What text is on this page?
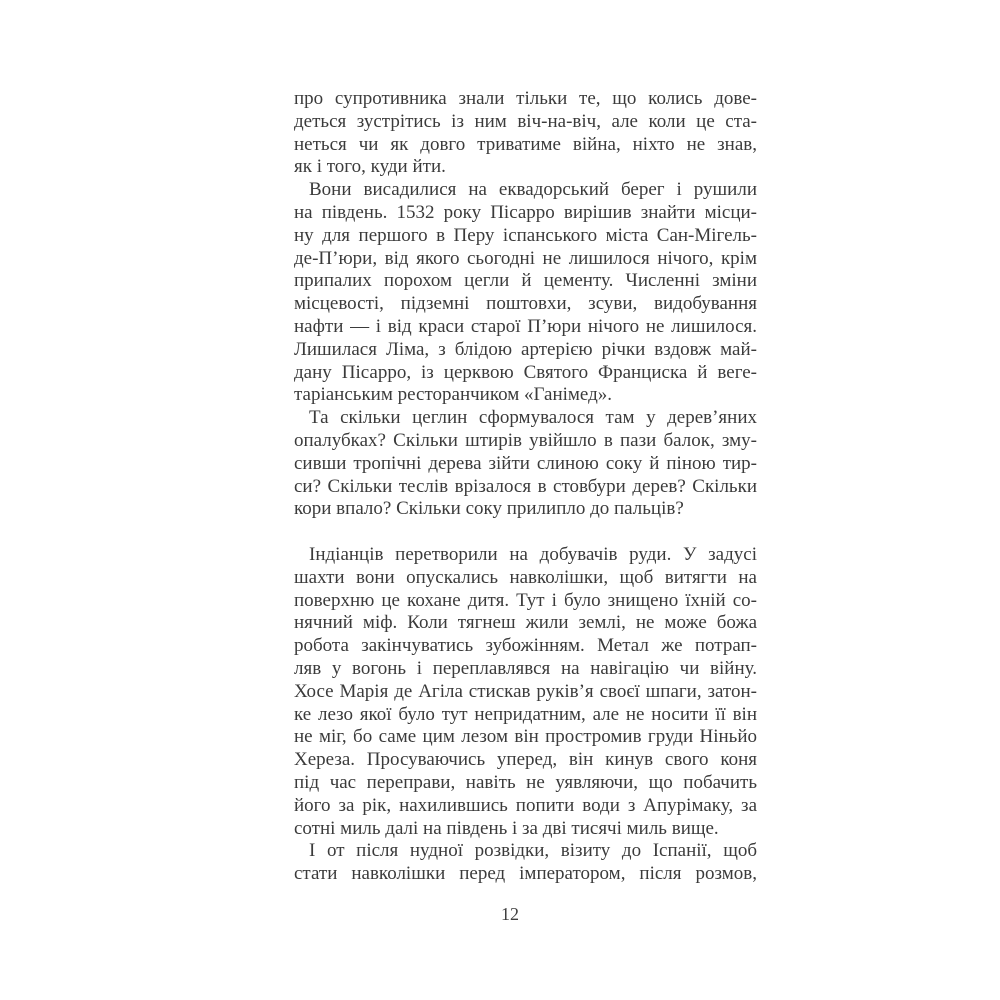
про супротивника знали тільки те, що колись дове-
деться зустрітись із ним віч-на-віч, але коли це ста-
неться чи як довго триватиме війна, ніхто не знав,
як і того, куди йти.
Вони висадилися на еквадорський берег і рушили
на південь. 1532 року Пісарро вирішив знайти місци-
ну для першого в Перу іспанського міста Сан-Мігель-
де-П’юри, від якого сьогодні не лишилося нічого, крім
припалих порохом цегли й цементу. Численні зміни
місцевості, підземні поштовхи, зсуви, видобування
нафти — і від краси старої П’юри нічого не лишилося.
Лишилася Ліма, з блідою артерією річки вздовж май-
дану Пісарро, із церквою Святого Франциска й веге-
таріанським ресторанчиком «Ганімед».
Та скільки цеглин сформувалося там у дерев’яних
опалубках? Скільки штирів увійшло в пази балок, зму-
сивши тропічні дерева зійти слиною соку й піною тир-
си? Скільки теслів врізалося в стовбури дерев? Скільки
кори впало? Скільки соку прилипло до пальців?
Індіанців перетворили на добувачів руди. У задусі
шахти вони опускались навколішки, щоб витягти на
поверхню це кохане дитя. Тут і було знищено їхній со-
нячний міф. Коли тягнеш жили землі, не може божа
робота закінчуватись зубожінням. Метал же потрап-
ляв у вогонь і переплавлявся на навігацію чи війну.
Хосе Марія де Агіла стискав руків’я своєї шпаги, затон-
ке лезо якої було тут непридатним, але не носити її він
не міг, бо саме цим лезом він простромив груди Ніньйо
Хереза. Просуваючись уперед, він кинув свого коня
під час переправи, навіть не уявляючи, що побачить
його за рік, нахилившись попити води з Апурімаку, за
сотні миль далі на південь і за дві тисячі миль вище.
І от після нудної розвідки, візиту до Іспанії, щоб
стати навколішки перед імператором, після розмов,
12
